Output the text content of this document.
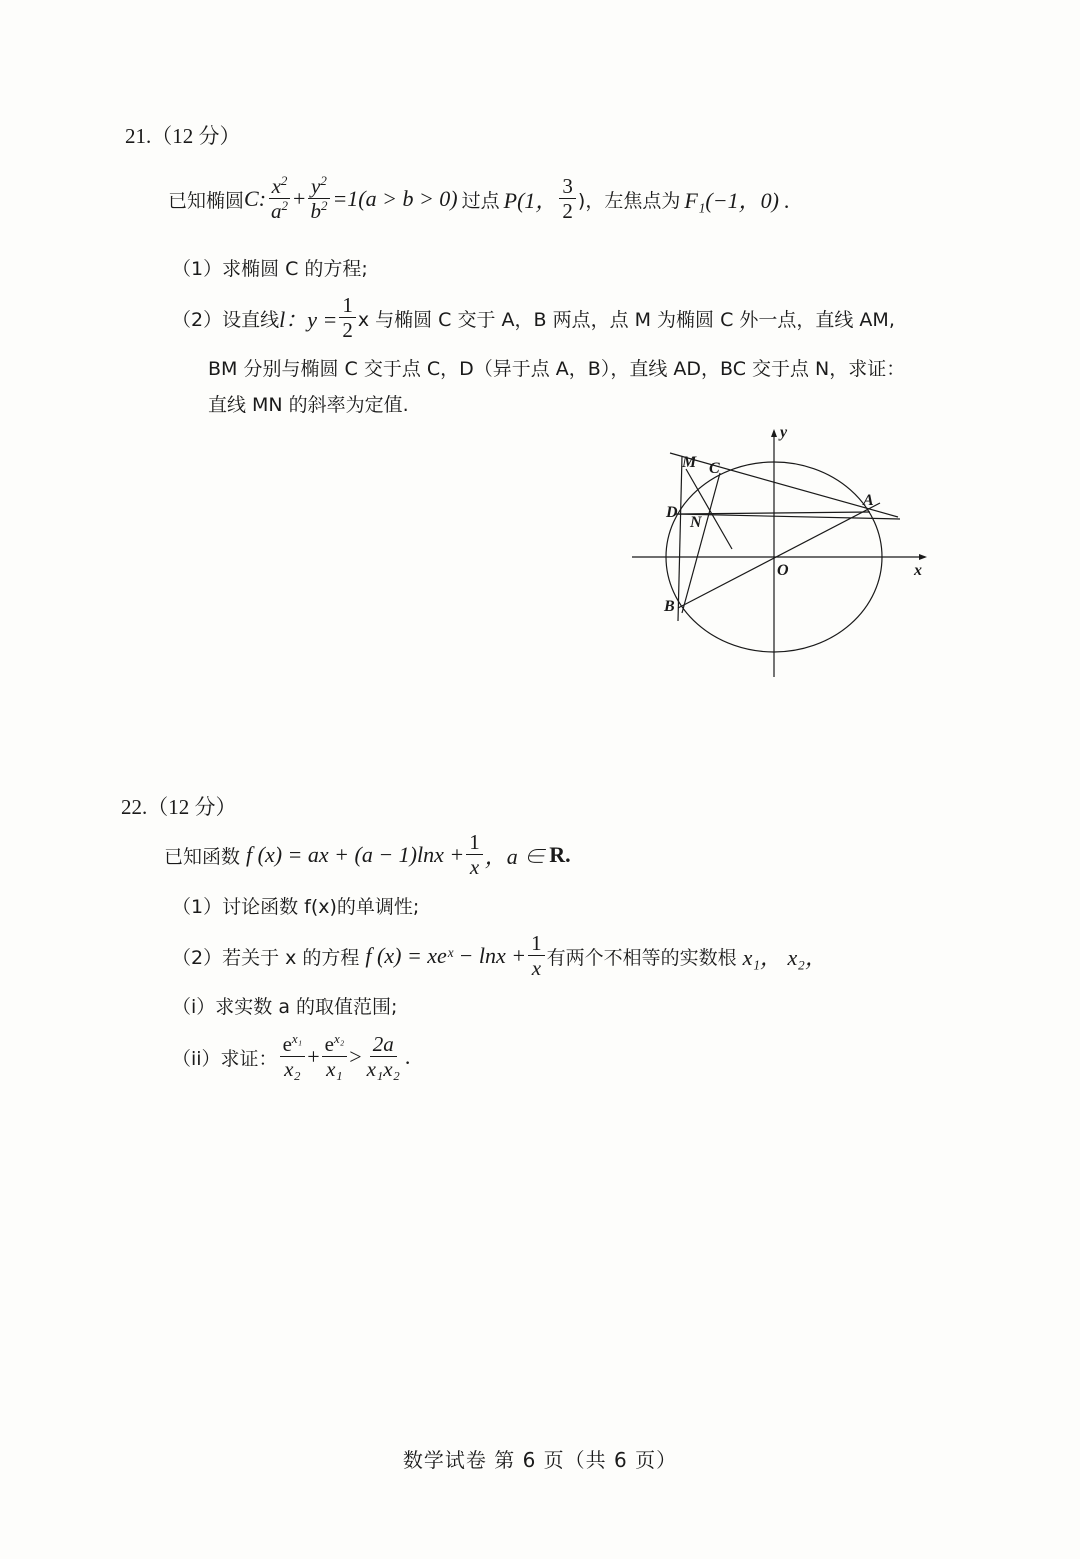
21.（12 分）
已知椭圆 C: $\frac{x^2}{a^2} + \frac{y^2}{b^2} =1(a > b > 0)$ 过点 P(1， $\frac{3}{2}$ )，左焦点为 F₁(−1，0) .
（1）求椭圆 C 的方程;
（2）设直线 l：$y = \frac{1}{2}$ x 与椭圆 C 交于 A，B 两点，点 M 为椭圆 C 外一点，直线 AM,
BM 分别与椭圆 C 交于点 C，D（异于点 A，B），直线 AD，BC 交于点 N，求证：
直线 MN 的斜率为定值.
y
x
O
M C
A
D
N
B
22.（12 分）
已知函数 f (x) = ax + $(a - 1)\ln x + \frac{1}{x}$ ，a ∈ R.
（1）讨论函数 f(x)的单调性;
（2）若关于 x 的方程 f (x) = xeˣ − $\ln x + \frac{1}{x}$ 有两个不相等的实数根 x₁， x₂，
（i）求实数 a 的取值范围;
（ii）求证： $\frac{e^{x_1}}{\text{x₂}} + \frac{e^{x_2}}{\text{x₁}} > \frac{2a}{\text{x₁x₂}}$ .
数学试卷 第 6 页（共 6 页）
